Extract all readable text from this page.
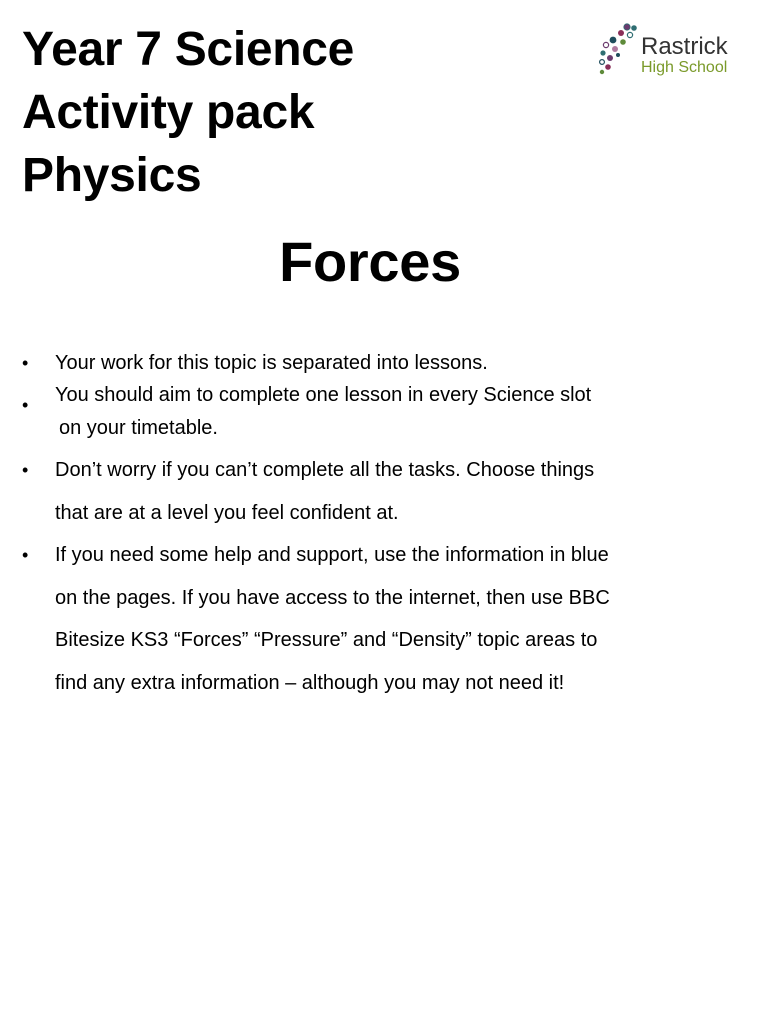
Year 7 Science
Activity pack
Physics
Rastrick
High School
Forces
• Your work for this topic is separated into lessons.
• You should aim to complete one lesson in every Science slot
on your timetable.
• Don’t worry if you can’t complete all the tasks. Choose things
that are at a level you feel confident at.
• If you need some help and support, use the information in blue
on the pages. If you have access to the internet, then use BBC
Bitesize KS3 “Forces” “Pressure” and “Density” topic areas to
find any extra information – although you may not need it!
